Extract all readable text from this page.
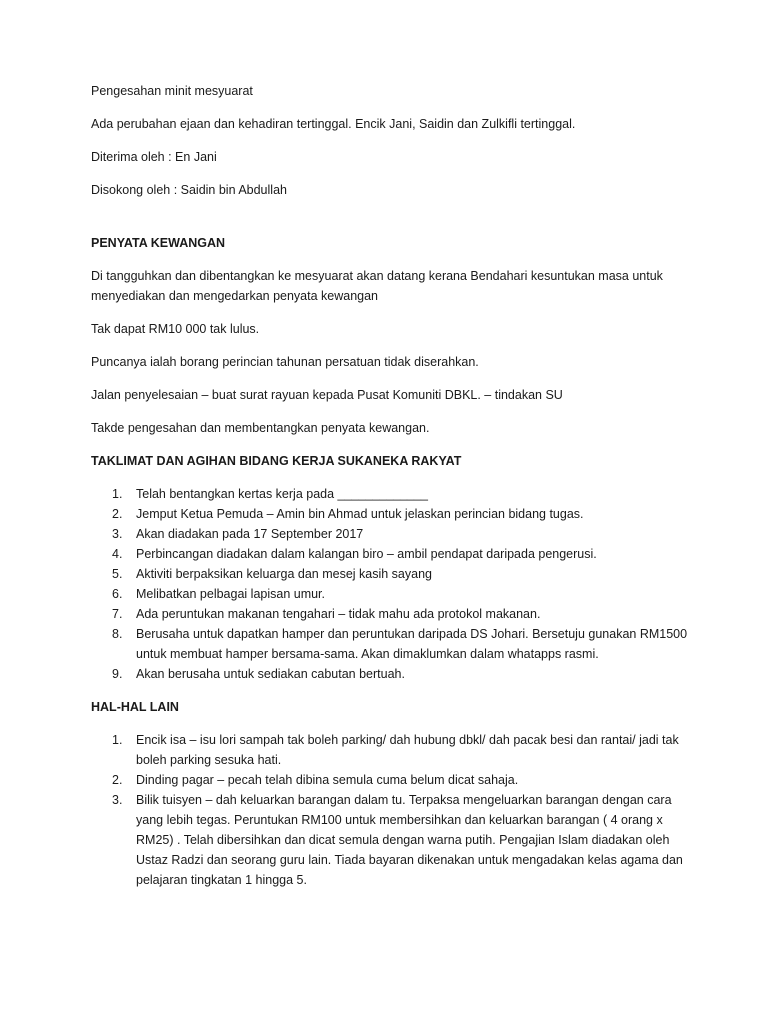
Pengesahan minit mesyuarat

Ada perubahan ejaan dan kehadiran tertinggal. Encik Jani, Saidin dan Zulkifli tertinggal.

Diterima oleh : En Jani

Disokong oleh : Saidin bin Abdullah

PENYATA KEWANGAN

Di tangguhkan dan dibentangkan ke mesyuarat akan datang kerana Bendahari kesuntukan masa untuk menyediakan dan mengedarkan penyata kewangan

Tak dapat RM10 000 tak lulus.

Puncanya ialah borang perincian tahunan persatuan tidak diserahkan.

Jalan penyelesaian – buat surat rayuan kepada Pusat Komuniti DBKL. – tindakan SU

Takde pengesahan dan membentangkan penyata kewangan.

TAKLIMAT DAN AGIHAN BIDANG KERJA SUKANEKA RAKYAT

1. Telah bentangkan kertas kerja pada _____________
2. Jemput Ketua Pemuda – Amin bin Ahmad untuk jelaskan perincian bidang tugas.
3. Akan diadakan pada 17 September 2017
4. Perbincangan diadakan dalam kalangan biro – ambil pendapat daripada pengerusi.
5. Aktiviti berpaksikan keluarga dan mesej kasih sayang
6. Melibatkan pelbagai lapisan umur.
7. Ada peruntukan makanan tengahari – tidak mahu ada protokol makanan.
8. Berusaha untuk dapatkan hamper dan peruntukan daripada DS Johari. Bersetuju gunakan RM1500 untuk membuat hamper bersama-sama. Akan dimaklumkan dalam whatapps rasmi.
9. Akan berusaha untuk sediakan cabutan bertuah.

HAL-HAL LAIN

1. Encik isa – isu lori sampah tak boleh parking/ dah hubung dbkl/ dah pacak besi dan rantai/ jadi tak boleh parking sesuka hati.
2. Dinding pagar – pecah telah dibina semula cuma belum dicat sahaja.
3. Bilik tuisyen – dah keluarkan barangan dalam tu. Terpaksa mengeluarkan barangan dengan cara yang lebih tegas. Peruntukan RM100 untuk membersihkan dan keluarkan barangan ( 4 orang x RM25) . Telah dibersihkan dan dicat semula dengan warna putih. Pengajian Islam diadakan oleh Ustaz Radzi dan seorang guru lain. Tiada bayaran dikenakan untuk mengadakan kelas agama dan pelajaran tingkatan 1 hingga 5.
